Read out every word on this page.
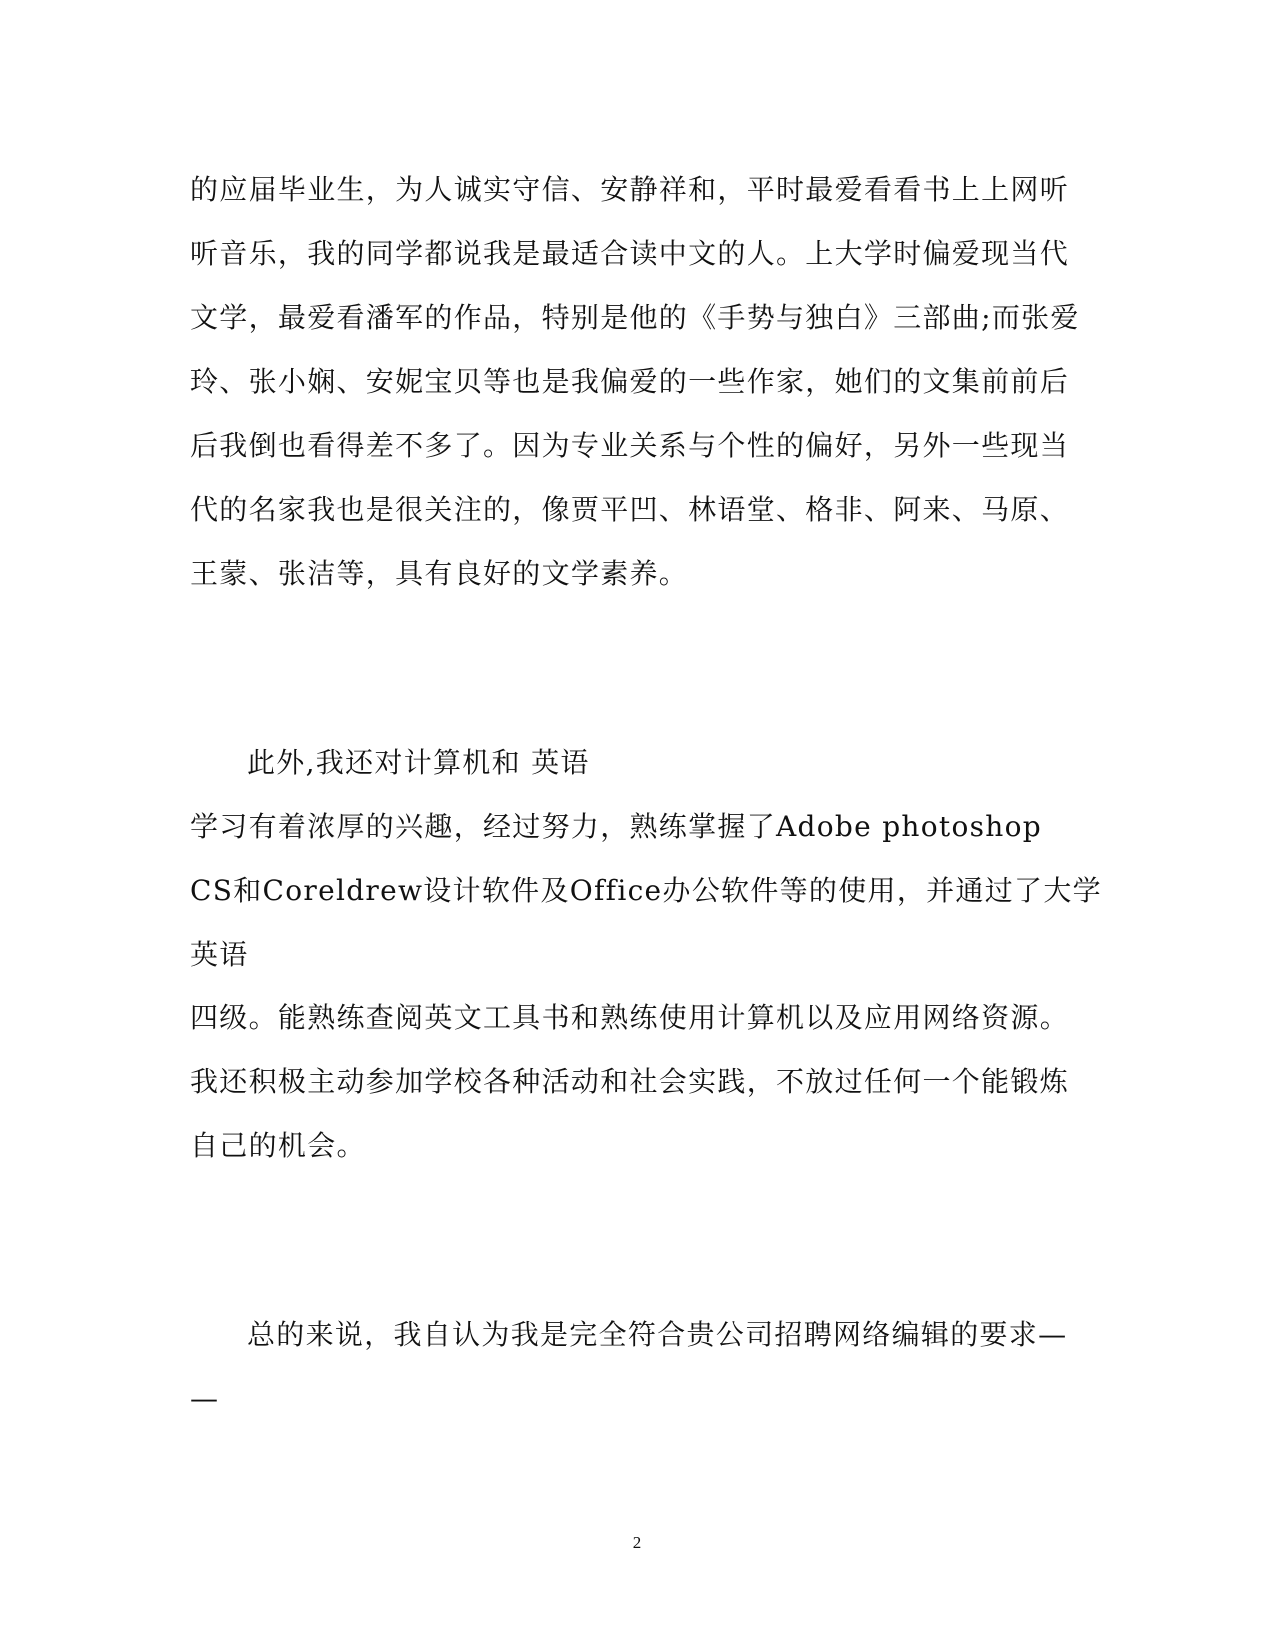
的应届毕业生，为人诚实守信、安静祥和，平时最爱看看书上上网听
听音乐，我的同学都说我是最适合读中文的人。上大学时偏爱现当代
文学，最爱看潘军的作品，特别是他的《手势与独白》三部曲;而张爱
玲、张小娴、安妮宝贝等也是我偏爱的一些作家，她们的文集前前后
后我倒也看得差不多了。因为专业关系与个性的偏好，另外一些现当
代的名家我也是很关注的，像贾平凹、林语堂、格非、阿来、马原、
王蒙、张洁等，具有良好的文学素养。
此外,我还对计算机和 英语
学习有着浓厚的兴趣，经过努力，熟练掌握了Adobe photoshop
CS和Coreldrew设计软件及Office办公软件等的使用，并通过了大学
英语
四级。能熟练查阅英文工具书和熟练使用计算机以及应用网络资源。
我还积极主动参加学校各种活动和社会实践，不放过任何一个能锻炼
自己的机会。
总的来说，我自认为我是完全符合贵公司招聘网络编辑的要求—
—
2
